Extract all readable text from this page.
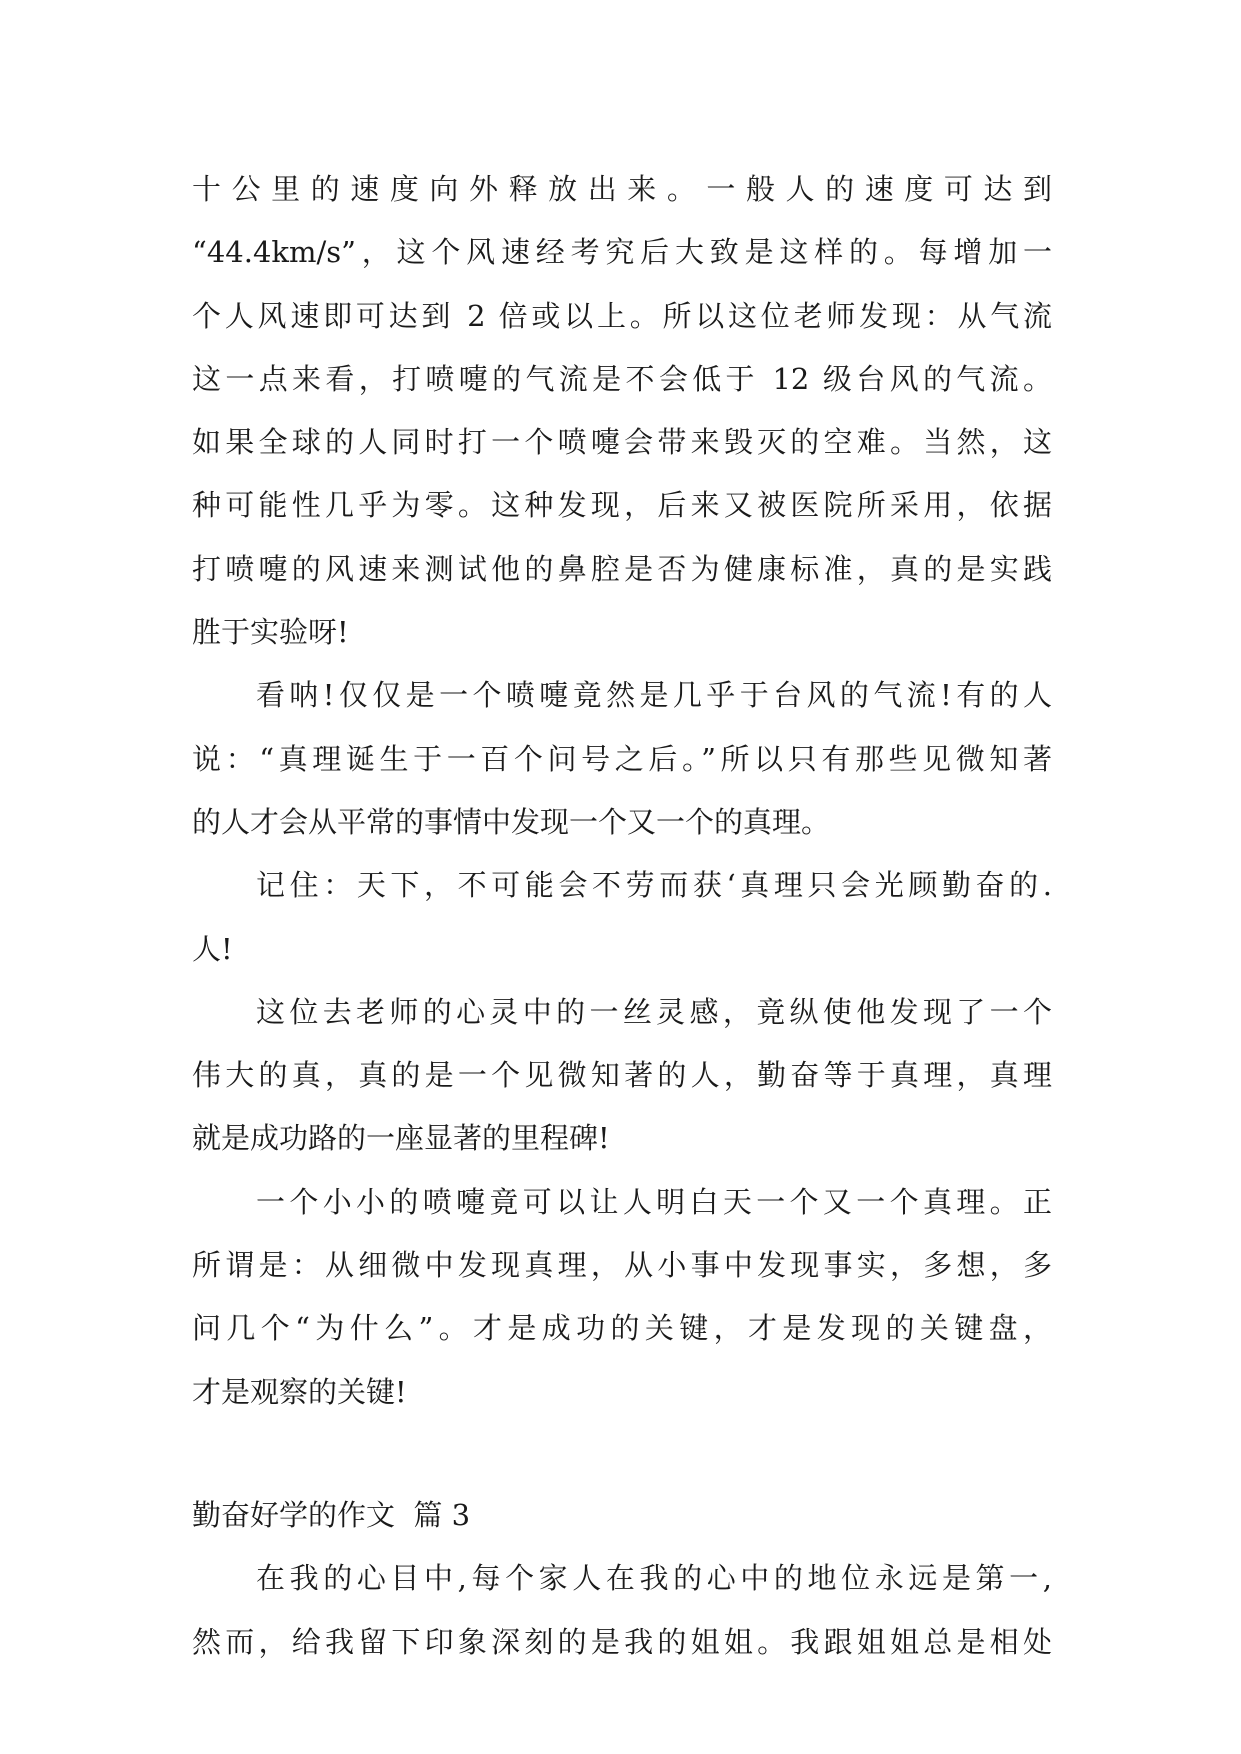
十公里的速度向外释放出来。一般人的速度可达到
“44.4km/s”，这个风速经考究后大致是这样的。每增加一
个人风速即可达到 2 倍或以上。所以这位老师发现：从气流
这一点来看，打喷嚏的气流是不会低于 12 级台风的气流。
如果全球的人同时打一个喷嚏会带来毁灭的空难。当然，这
种可能性几乎为零。这种发现，后来又被医院所采用，依据
打喷嚏的风速来测试他的鼻腔是否为健康标准，真的是实践
胜于实验呀!
看呐!仅仅是一个喷嚏竟然是几乎于台风的气流!有的人
说：“真理诞生于一百个问号之后。”所以只有那些见微知著
的人才会从平常的事情中发现一个又一个的真理。
记住：天下，不可能会不劳而获‘真理只会光顾勤奋的.
人!
这位去老师的心灵中的一丝灵感，竟纵使他发现了一个
伟大的真，真的是一个见微知著的人，勤奋等于真理，真理
就是成功路的一座显著的里程碑!
一个小小的喷嚏竟可以让人明白天一个又一个真理。正
所谓是：从细微中发现真理，从小事中发现事实，多想，多
问几个“为什么”。才是成功的关键，才是发现的关键盘，
才是观察的关键!
勤奋好学的作文  篇 3
在我的心目中,每个家人在我的心中的地位永远是第一,
然而，给我留下印象深刻的是我的姐姐。我跟姐姐总是相处
